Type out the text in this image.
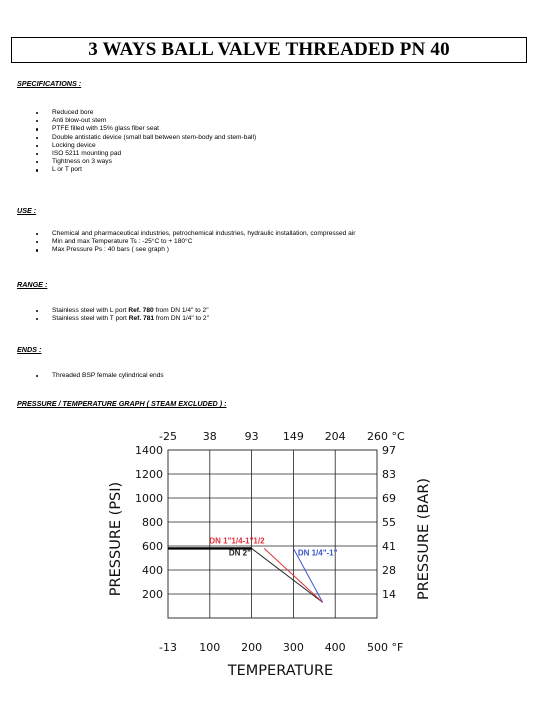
3 WAYS BALL VALVE THREADED PN 40
SPECIFICATIONS :
Reduced bore
Anti blow-out stem
PTFE filled with 15% glass fiber seat
Double antistatic device (small ball between stem-body and stem-ball)
Locking device
ISO 5211 mounting pad
Tightness on 3 ways
L or T port
USE :
Chemical and pharmaceutical industries, petrochemical industries, hydraulic installation, compressed air
Min and max Temperature Ts : -25°C to + 180°C
Max Pressure Ps : 40 bars ( see graph )
RANGE :
Stainless steel with L port Ref. 780 from DN 1/4" to 2"
Stainless steel with T port Ref. 781 from DN 1/4" to 2"
ENDS :
Threaded BSP female cylindrical ends
PRESSURE / TEMPERATURE GRAPH ( STEAM EXCLUDED ) :
DN 2"
DN 1"1/4-1"1/2
DN 1/4"-1"
1400
1200
1000
800
600
400
200
97
83
69
55
41
28
14
-13 100 200 300 400 500 °F
-25 38	93 149 204 260 °C
TEMPERATURE
PRESSURE (PSI)	PRESSURE (BAR)
